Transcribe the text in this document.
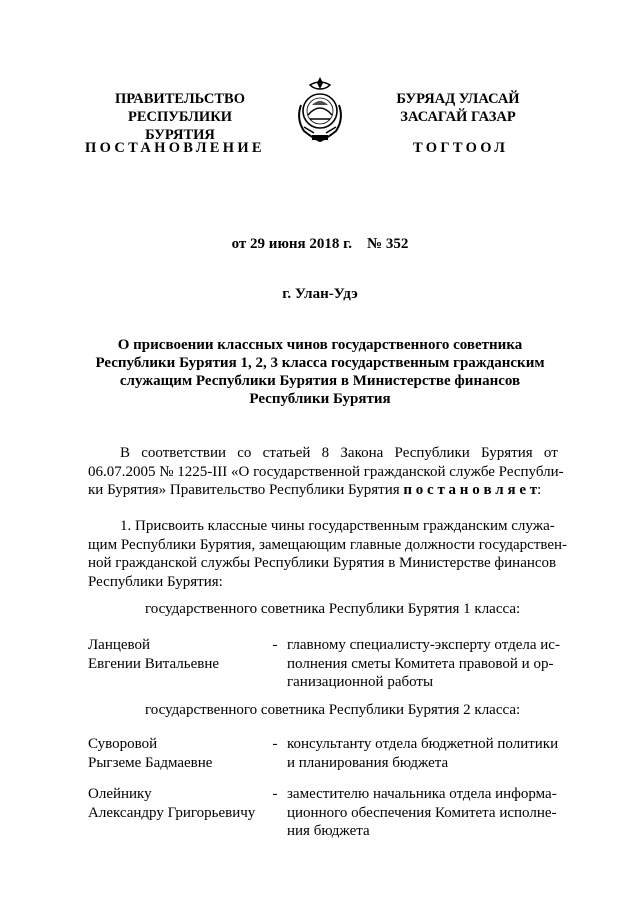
ПРАВИТЕЛЬСТВО
РЕСПУБЛИКИ БУРЯТИЯ
ПОСТАНОВЛЕНИЕ
БУРЯАД УЛАСАЙ
ЗАСАГАЙ ГАЗАР
ТОГТООЛ
от 29 июня 2018 г.    № 352
г. Улан-Удэ
О присвоении классных чинов государственного советника
Республики Бурятия 1, 2, 3 класса государственным гражданским
служащим Республики Бурятия в Министерстве финансов
Республики Бурятия
В   соответствии   со   статьей   8   Закона   Республики   Бурятия   от
06.07.2005 № 1225-III «О государственной гражданской службе Республи-
ки Бурятия» Правительство Республики Бурятия п о с т а н о в л я е т:
1. Присвоить классные чины государственным гражданским служа-
щим Республики Бурятия, замещающим главные должности государствен-
ной гражданской службы Республики Бурятия в Министерстве финансов
Республики Бурятия:
государственного советника Республики Бурятия 1 класса:
Ланцевой
Евгении Витальевне
- главному специалисту-эксперту отдела ис-
полнения сметы Комитета правовой и ор-
ганизационной работы
государственного советника Республики Бурятия 2 класса:
Суворовой
Рыгземе Бадмаевне
- консультанту отдела бюджетной политики
и планирования бюджета
Олейнику
Александру Григорьевичу
- заместителю начальника отдела информа-
ционного обеспечения Комитета исполне-
ния бюджета
